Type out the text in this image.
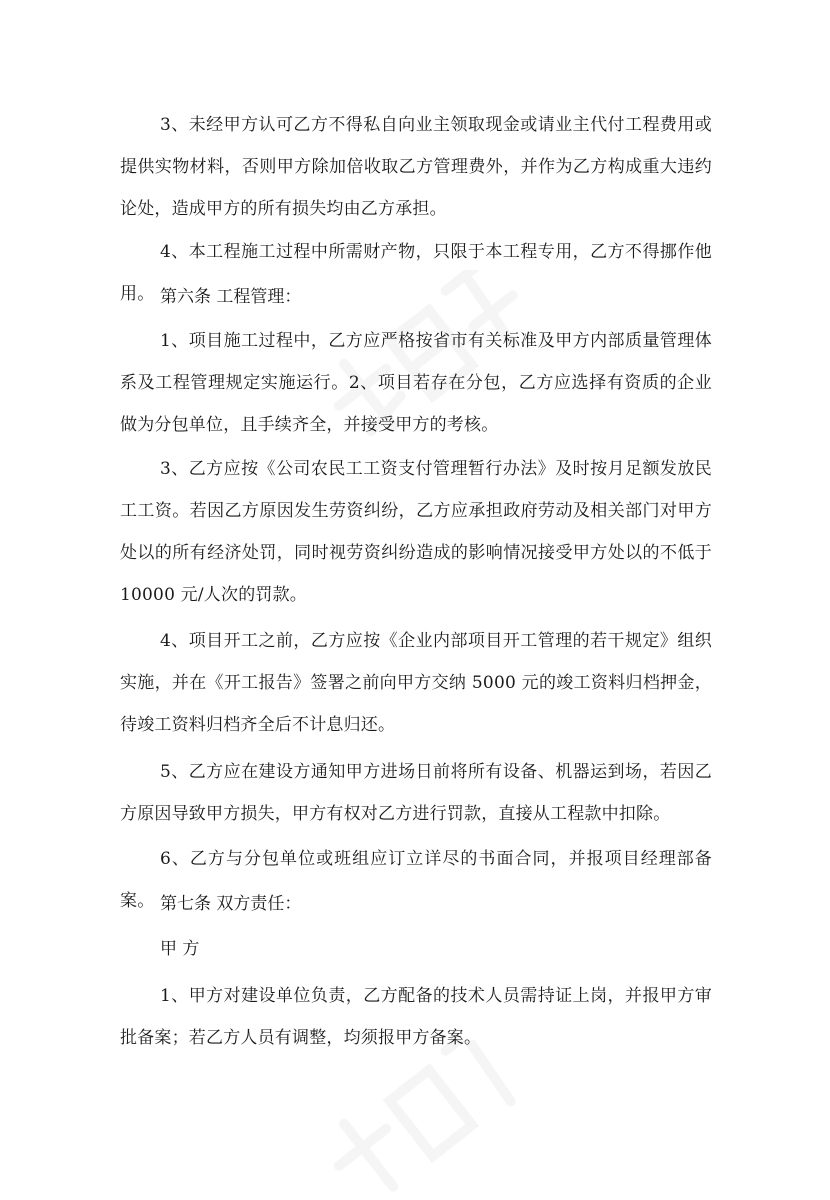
3、未经甲方认可乙方不得私自向业主领取现金或请业主代付工程费用或提供实物材料，否则甲方除加倍收取乙方管理费外，并作为乙方构成重大违约论处，造成甲方的所有损失均由乙方承担。

4、本工程施工过程中所需财产物，只限于本工程专用，乙方不得挪作他用。 第六条 工程管理：

1、项目施工过程中，乙方应严格按省市有关标准及甲方内部质量管理体系及工程管理规定实施运行。2、项目若存在分包，乙方应选择有资质的企业做为分包单位，且手续齐全，并接受甲方的考核。

3、乙方应按《公司农民工工资支付管理暂行办法》及时按月足额发放民工工资。若因乙方原因发生劳资纠纷，乙方应承担政府劳动及相关部门对甲方处以的所有经济处罚，同时视劳资纠纷造成的影响情况接受甲方处以的不低于 10000 元/人次的罚款。

4、项目开工之前，乙方应按《企业内部项目开工管理的若干规定》组织实施，并在《开工报告》签署之前向甲方交纳 5000 元的竣工资料归档押金，待竣工资料归档齐全后不计息归还。

5、乙方应在建设方通知甲方进场日前将所有设备、机器运到场，若因乙方原因导致甲方损失，甲方有权对乙方进行罚款，直接从工程款中扣除。

6、乙方与分包单位或班组应订立详尽的书面合同，并报项目经理部备案。 第七条 双方责任：

甲 方

1、甲方对建设单位负责，乙方配备的技术人员需持证上岗，并报甲方审批备案；若乙方人员有调整，均须报甲方备案。
